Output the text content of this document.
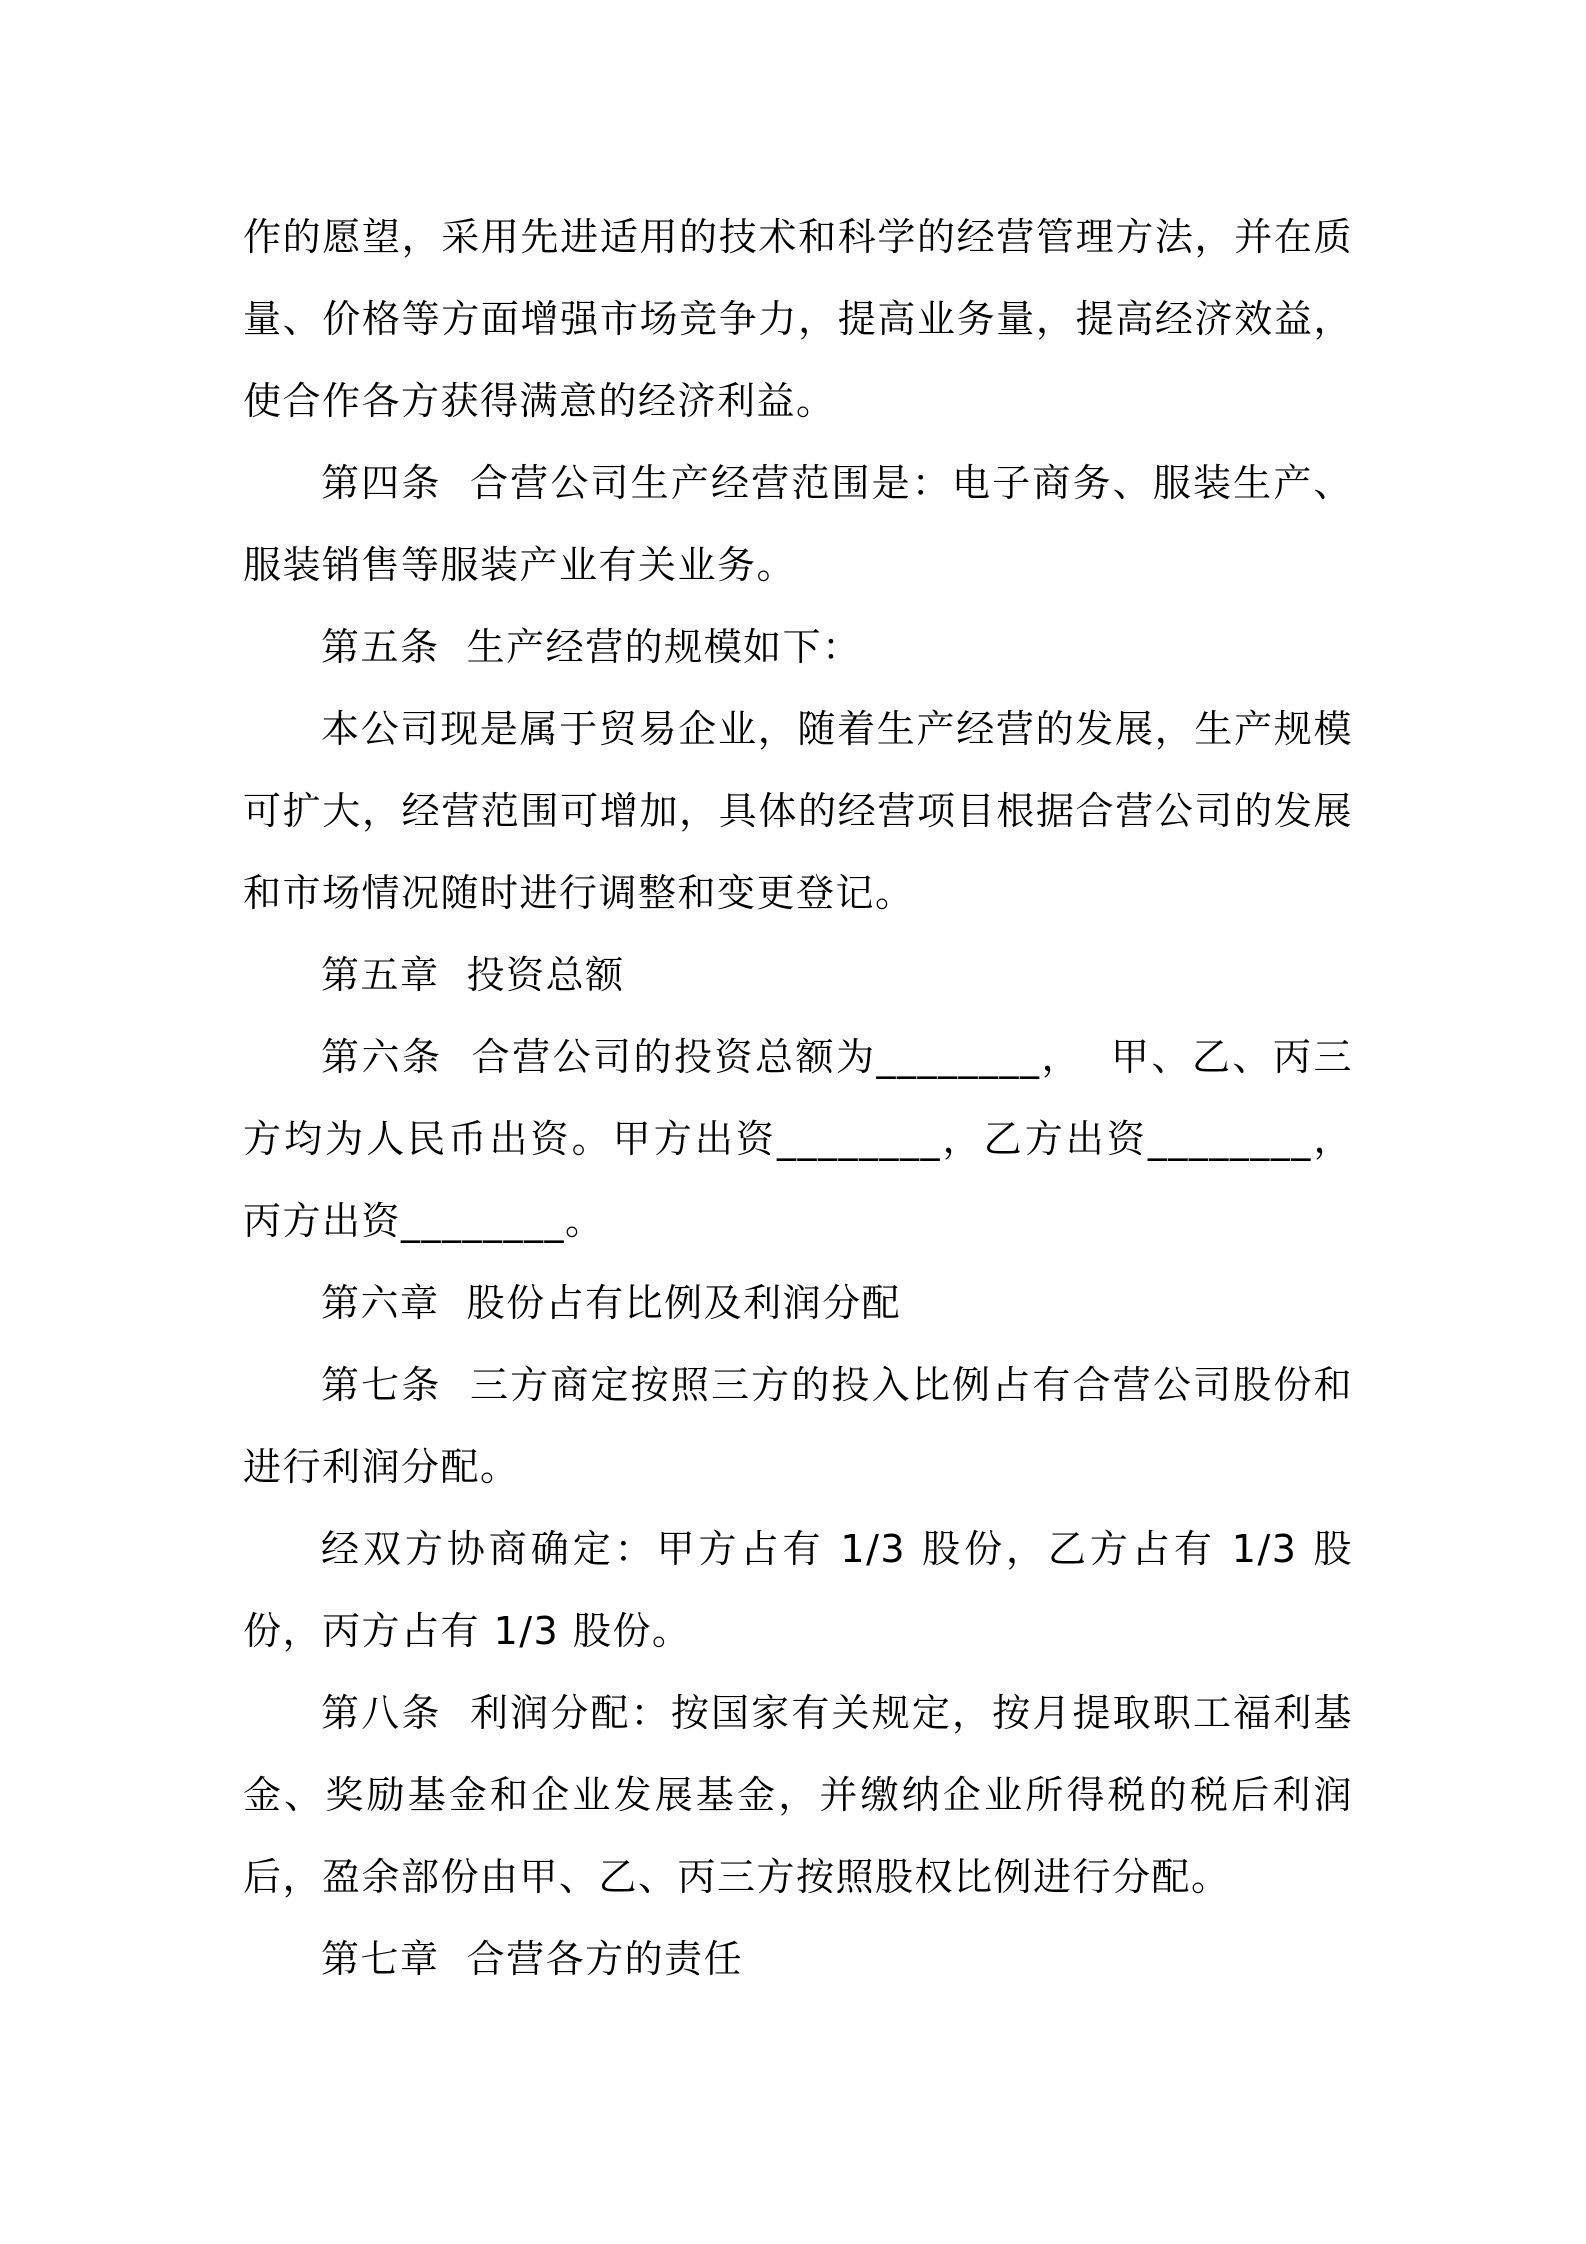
作的愿望，采用先进适用的技术和科学的经营管理方法，并在质量、价格等方面增强市场竞争力，提高业务量，提高经济效益，使合作各方获得满意的经济利益。

第四条  合营公司生产经营范围是：电子商务、服装生产、服装销售等服装产业有关业务。

第五条  生产经营的规模如下：

本公司现是属于贸易企业，随着生产经营的发展，生产规模可扩大，经营范围可增加，具体的经营项目根据合营公司的发展和市场情况随时进行调整和变更登记。

第五章  投资总额

第六条  合营公司的投资总额为________，  甲、乙、丙三方均为人民币出资。甲方出资________，乙方出资________，丙方出资________。

第六章  股份占有比例及利润分配

第七条  三方商定按照三方的投入比例占有合营公司股份和进行利润分配。

经双方协商确定：甲方占有 1/3 股份，乙方占有 1/3 股份，丙方占有 1/3 股份。

第八条  利润分配：按国家有关规定，按月提取职工福利基金、奖励基金和企业发展基金，并缴纳企业所得税的税后利润后，盈余部份由甲、乙、丙三方按照股权比例进行分配。

第七章  合营各方的责任
